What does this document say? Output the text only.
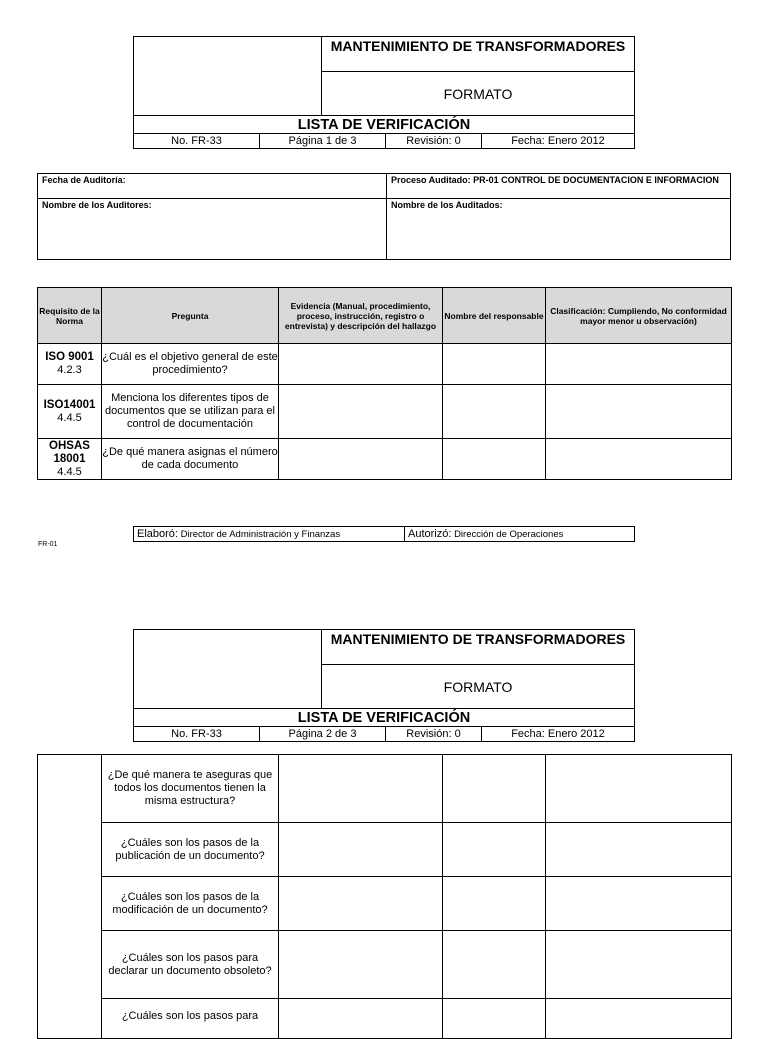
MANTENIMIENTO DE TRANSFORMADORES
FORMATO
LISTA DE VERIFICACIÓN
No. FR-33	Página 1 de 3	Revisión: 0	Fecha: Enero 2012
Fecha de Auditoría:	Proceso Auditado: PR-01 CONTROL DE DOCUMENTACION E INFORMACION
Nombre de los Auditores:	Nombre de los Auditados:
Requisito de la Norma	Pregunta	Evidencia (Manual, procedimiento, proceso, instrucción, registro o entrevista) y descripción del hallazgo	Nombre del responsable	Clasificación: Cumpliendo, No conformidad mayor menor u observación)

ISO 9001
4.2.3	¿Cuál es el objetivo general de este procedimiento?			

ISO14001
4.4.5	Menciona los diferentes tipos de documentos que se utilizan para el control de documentación			

OHSAS 18001
4.4.5	¿De qué manera asignas el número de cada documento			
Elaboró: Director de Administración y Finanzas	Autorizó: Dirección de Operaciones
FR-01
MANTENIMIENTO DE TRANSFORMADORES
FORMATO
LISTA DE VERIFICACIÓN
No. FR-33	Página 2 de 3	Revisión: 0	Fecha: Enero 2012
	¿De qué manera te aseguras que todos los documentos tienen la misma estructura?			
	¿Cuáles son los pasos de la publicación de un documento?			
	¿Cuáles son los pasos de la modificación de un documento?			
	¿Cuáles son los pasos para declarar un documento obsoleto?			
	¿Cuáles son los pasos para			
